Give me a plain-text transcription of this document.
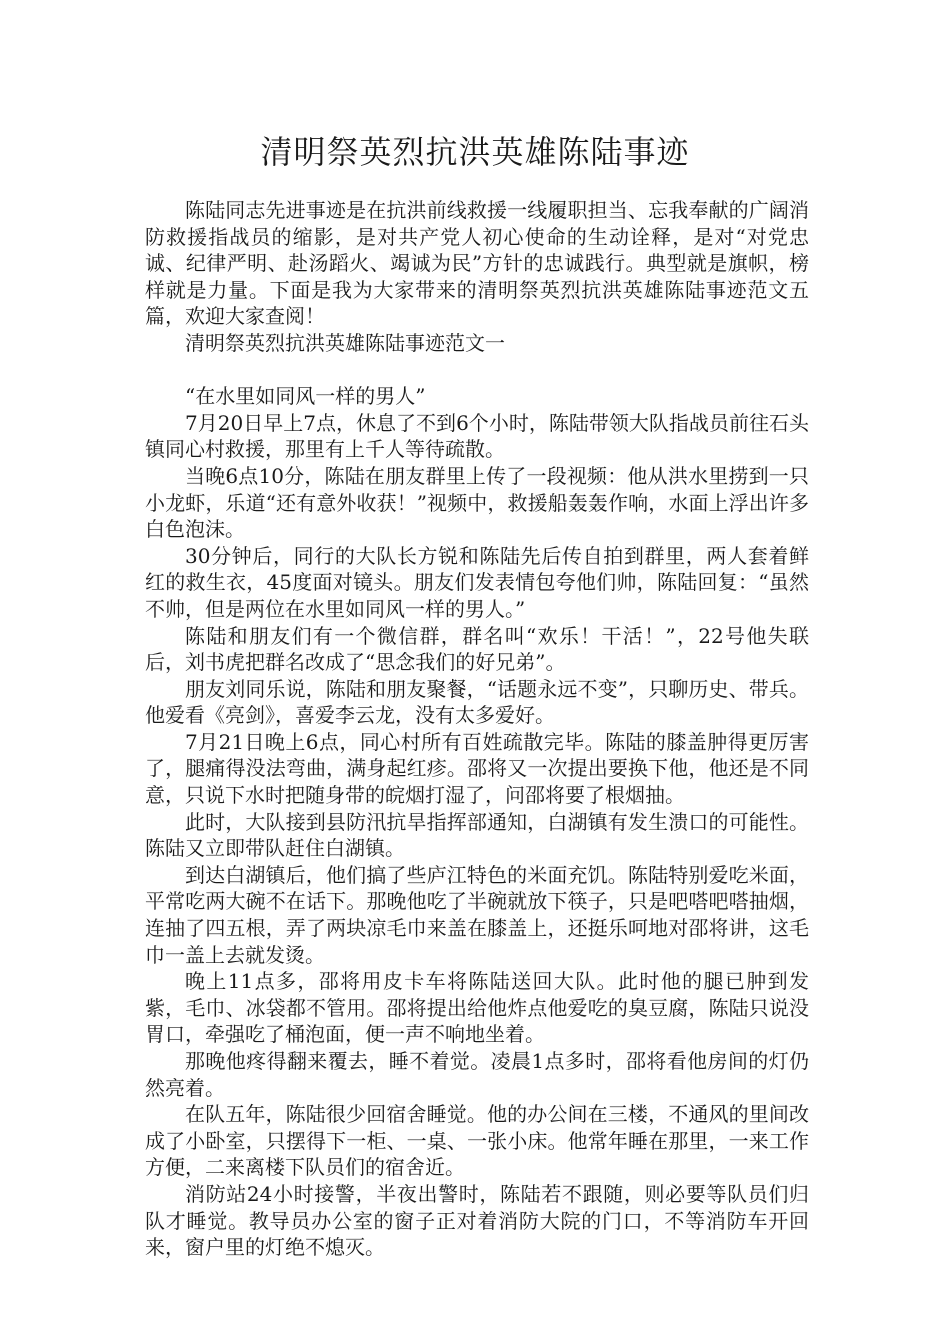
清明祭英烈抗洪英雄陈陆事迹

陈陆同志先进事迹是在抗洪前线救援一线履职担当、忘我奉献的广阔消防救援指战员的缩影，是对共产党人初心使命的生动诠释，是对“对党忠诚、纪律严明、赴汤蹈火、竭诚为民”方针的忠诚践行。典型就是旗帜，榜样就是力量。下面是我为大家带来的清明祭英烈抗洪英雄陈陆事迹范文五篇，欢迎大家查阅！

清明祭英烈抗洪英雄陈陆事迹范文一

“在水里如同风一样的男人”

7月20日早上7点，休息了不到6个小时，陈陆带领大队指战员前往石头镇同心村救援，那里有上千人等待疏散。

当晚6点10分，陈陆在朋友群里上传了一段视频：他从洪水里捞到一只小龙虾，乐道“还有意外收获！”视频中，救援船轰轰作响，水面上浮出许多白色泡沫。

30分钟后，同行的大队长方锐和陈陆先后传自拍到群里，两人套着鲜红的救生衣，45度面对镜头。朋友们发表情包夸他们帅，陈陆回复：“虽然不帅，但是两位在水里如同风一样的男人。”

陈陆和朋友们有一个微信群，群名叫“欢乐！干活！”，22号他失联后，刘书虎把群名改成了“思念我们的好兄弟”。

朋友刘同乐说，陈陆和朋友聚餐，“话题永远不变”，只聊历史、带兵。他爱看《亮剑》，喜爱李云龙，没有太多爱好。

7月21日晚上6点，同心村所有百姓疏散完毕。陈陆的膝盖肿得更厉害了，腿痛得没法弯曲，满身起红疹。邵将又一次提出要换下他，他还是不同意，只说下水时把随身带的皖烟打湿了，问邵将要了根烟抽。

此时，大队接到县防汛抗旱指挥部通知，白湖镇有发生溃口的可能性。陈陆又立即带队赶住白湖镇。

到达白湖镇后，他们搞了些庐江特色的米面充饥。陈陆特别爱吃米面，平常吃两大碗不在话下。那晚他吃了半碗就放下筷子，只是吧嗒吧嗒抽烟，连抽了四五根，弄了两块凉毛巾来盖在膝盖上，还挺乐呵地对邵将讲，这毛巾一盖上去就发烫。

晚上11点多，邵将用皮卡车将陈陆送回大队。此时他的腿已肿到发紫，毛巾、冰袋都不管用。邵将提出给他炸点他爱吃的臭豆腐，陈陆只说没胃口，牵强吃了桶泡面，便一声不响地坐着。

那晚他疼得翻来覆去，睡不着觉。凌晨1点多时，邵将看他房间的灯仍然亮着。

在队五年，陈陆很少回宿舍睡觉。他的办公间在三楼，不通风的里间改成了小卧室，只摆得下一柜、一桌、一张小床。他常年睡在那里，一来工作方便，二来离楼下队员们的宿舍近。

消防站24小时接警，半夜出警时，陈陆若不跟随，则必要等队员们归队才睡觉。教导员办公室的窗子正对着消防大院的门口，不等消防车开回来，窗户里的灯绝不熄灭。
